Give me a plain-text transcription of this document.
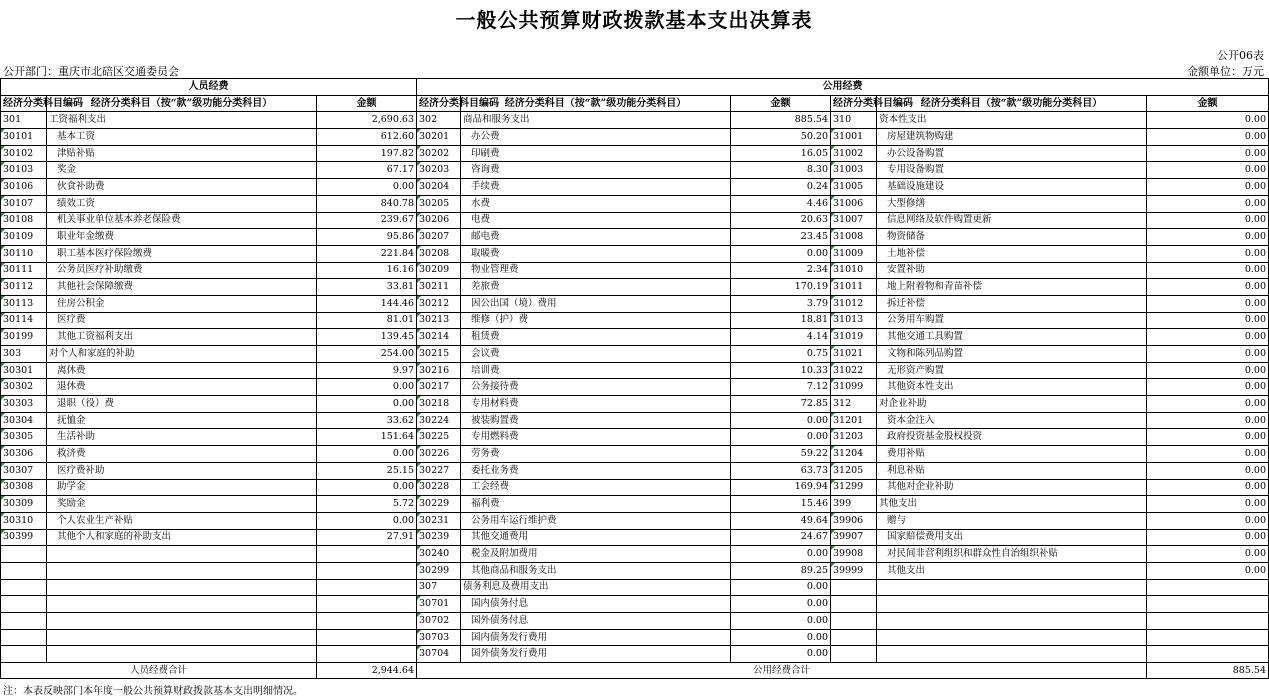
一般公共预算财政拨款基本支出决算表
公开06表
公开部门：重庆市北碚区交通委员会	金额单位：万元
人员经费			公用经费					
经济分类科目编码	经济分类科目（按“款”级功能分类科目）	金额	经济分类科目编码	经济分类科目（按“款”级功能分类科目）	金额	经济分类科目编码	经济分类科目（按“款”级功能分类科目）	金额
301	工资福利支出	2,690.63	302	商品和服务支出	885.54	310	资本性支出	0.00
30101	基本工资	612.60	30201	办公费	50.20	31001	房屋建筑物购建	0.00
30102	津贴补贴	197.82	30202	印刷费	16.05	31002	办公设备购置	0.00
30103	奖金	67.17	30203	咨询费	8.30	31003	专用设备购置	0.00
30106	伙食补助费	0.00	30204	手续费	0.24	31005	基础设施建设	0.00
30107	绩效工资	840.78	30205	水费	4.46	31006	大型修缮	0.00
30108	机关事业单位基本养老保险费	239.67	30206	电费	20.63	31007	信息网络及软件购置更新	0.00
30109	职业年金缴费	95.86	30207	邮电费	23.45	31008	物资储备	0.00
30110	职工基本医疗保险缴费	221.84	30208	取暖费	0.00	31009	土地补偿	0.00
30111	公务员医疗补助缴费	16.16	30209	物业管理费	2.34	31010	安置补助	0.00
30112	其他社会保障缴费	33.81	30211	差旅费	170.19	31011	地上附着物和青苗补偿	0.00
30113	住房公积金	144.46	30212	因公出国（境）费用	3.79	31012	拆迁补偿	0.00
30114	医疗费	81.01	30213	维修（护）费	18.81	31013	公务用车购置	0.00
30199	其他工资福利支出	139.45	30214	租赁费	4.14	31019	其他交通工具购置	0.00
303	对个人和家庭的补助	254.00	30215	会议费	0.75	31021	文物和陈列品购置	0.00
30301	离休费	9.97	30216	培训费	10.33	31022	无形资产购置	0.00
30302	退休费	0.00	30217	公务接待费	7.12	31099	其他资本性支出	0.00
30303	退职（役）费	0.00	30218	专用材料费	72.85	312	对企业补助	0.00
30304	抚恤金	33.62	30224	被装购置费	0.00	31201	资本金注入	0.00
30305	生活补助	151.64	30225	专用燃料费	0.00	31203	政府投资基金股权投资	0.00
30306	救济费	0.00	30226	劳务费	59.22	31204	费用补贴	0.00
30307	医疗费补助	25.15	30227	委托业务费	63.73	31205	利息补贴	0.00
30308	助学金	0.00	30228	工会经费	169.94	31299	其他对企业补助	0.00
30309	奖励金	5.72	30229	福利费	15.46	399	其他支出	0.00
30310	个人农业生产补贴	0.00	30231	公务用车运行维护费	49.64	39906	赠与	0.00
30399	其他个人和家庭的补助支出	27.91	30239	其他交通费用	24.67	39907	国家赔偿费用支出	0.00
			30240	税金及附加费用	0.00	39908	对民间非营利组织和群众性自治组织补贴	0.00
			30299	其他商品和服务支出	89.25	39999	其他支出	0.00
			307	债务利息及费用支出	0.00			
			30701	国内债务付息	0.00			
			30702	国外债务付息	0.00			
			30703	国内债务发行费用	0.00			
			30704	国外债务发行费用	0.00			
人员经费合计		2,944.64	公用经费合计					885.54
注：本表反映部门本年度一般公共预算财政拨款基本支出明细情况。
